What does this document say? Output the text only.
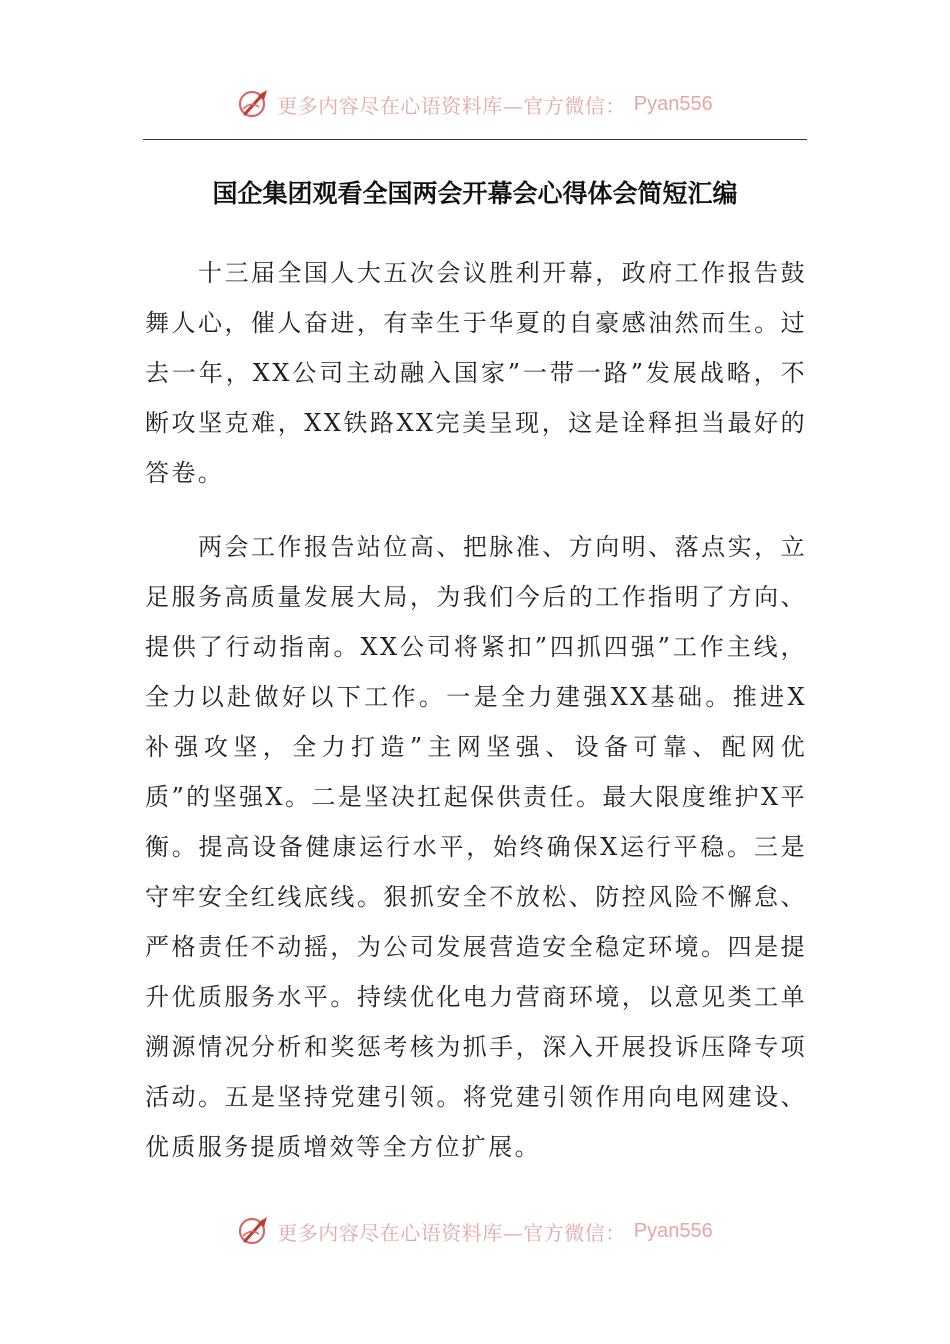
更多内容尽在心语资料库—官方微信： Pyan556
国企集团观看全国两会开幕会心得体会简短汇编

十三届全国人大五次会议胜利开幕，政府工作报告鼓舞人心，催人奋进，有幸生于华夏的自豪感油然而生。过去一年，XX公司主动融入国家”一带一路”发展战略，不断攻坚克难，XX铁路XX完美呈现，这是诠释担当最好的答卷。

两会工作报告站位高、把脉准、方向明、落点实，立足服务高质量发展大局，为我们今后的工作指明了方向、提供了行动指南。XX公司将紧扣”四抓四强”工作主线，全力以赴做好以下工作。一是全力建强XX基础。推进X补强攻坚，全力打造”主网坚强、设备可靠、配网优质”的坚强X。二是坚决扛起保供责任。最大限度维护X平衡。提高设备健康运行水平，始终确保X运行平稳。三是守牢安全红线底线。狠抓安全不放松、防控风险不懈怠、严格责任不动摇，为公司发展营造安全稳定环境。四是提升优质服务水平。持续优化电力营商环境，以意见类工单溯源情况分析和奖惩考核为抓手，深入开展投诉压降专项活动。五是坚持党建引领。将党建引领作用向电网建设、优质服务提质增效等全方位扩展。

更多内容尽在心语资料库—官方微信： Pyan556
